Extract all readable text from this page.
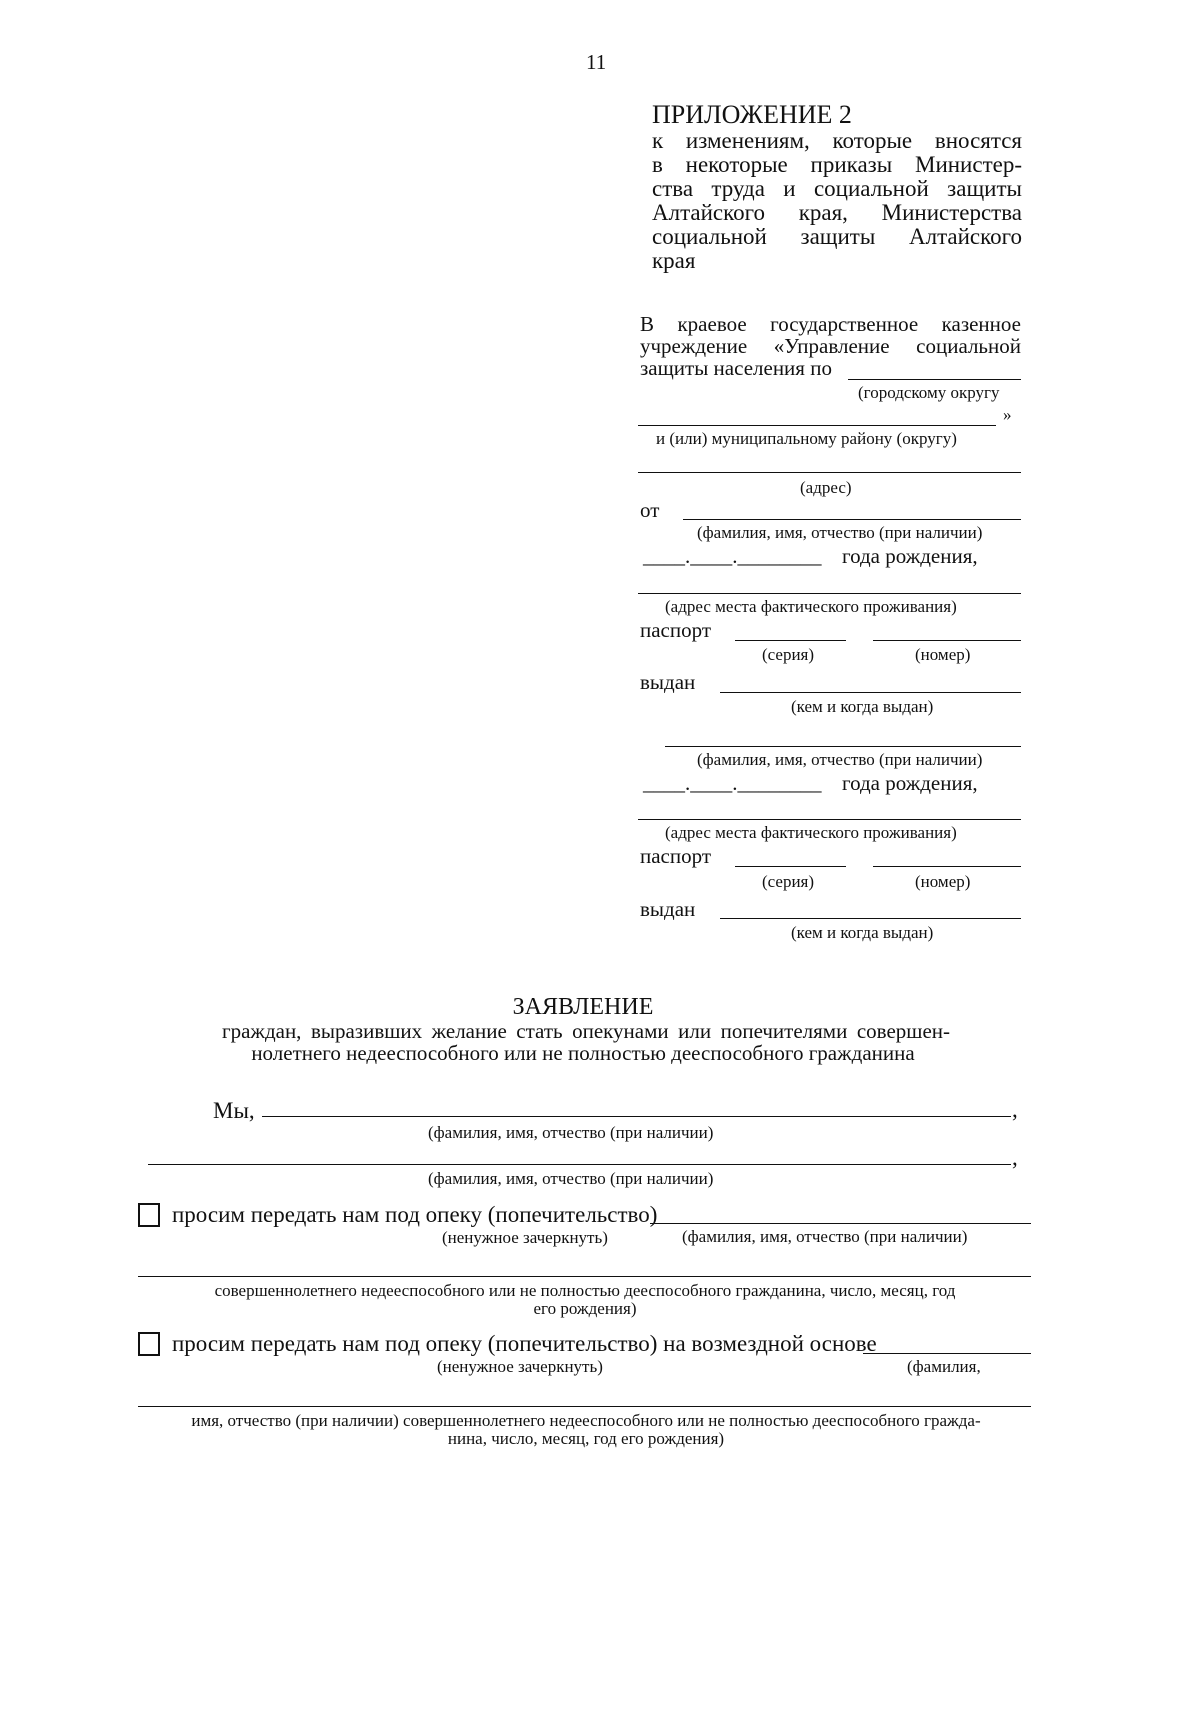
11
ПРИЛОЖЕНИЕ 2
к изменениям, которые вносятся
в некоторые приказы Министер-
ства труда и социальной защиты
Алтайского края, Министерства
социальной защиты Алтайского
края
В краевое государственное казенное
учреждение «Управление социальной
защиты населения по
(городскому округу
»
и (или) муниципальному району (округу)
(адрес)
от
(фамилия, имя, отчество (при наличии)
____.____.________ года рождения,
(адрес места фактического проживания)
паспорт
(серия)	(номер)
выдан
(кем и когда выдан)
(фамилия, имя, отчество (при наличии)
____.____.________ года рождения,
(адрес места фактического проживания)
паспорт
(серия)	(номер)
выдан
(кем и когда выдан)
ЗАЯВЛЕНИЕ
граждан, выразивших желание стать опекунами или попечителями совершен-
нолетнего недееспособного или не полностью дееспособного гражданина
Мы,	,
(фамилия, имя, отчество (при наличии)
,
(фамилия, имя, отчество (при наличии)
просим передать нам под опеку (попечительство)
(ненужное зачеркнуть)	(фамилия, имя, отчество (при наличии)
совершеннолетнего недееспособного или не полностью дееспособного гражданина, число, месяц, год
его рождения)
просим передать нам под опеку (попечительство) на возмездной основе
(ненужное зачеркнуть)	(фамилия,
имя, отчество (при наличии) совершеннолетнего недееспособного или не полностью дееспособного гражда-
нина, число, месяц, год его рождения)
